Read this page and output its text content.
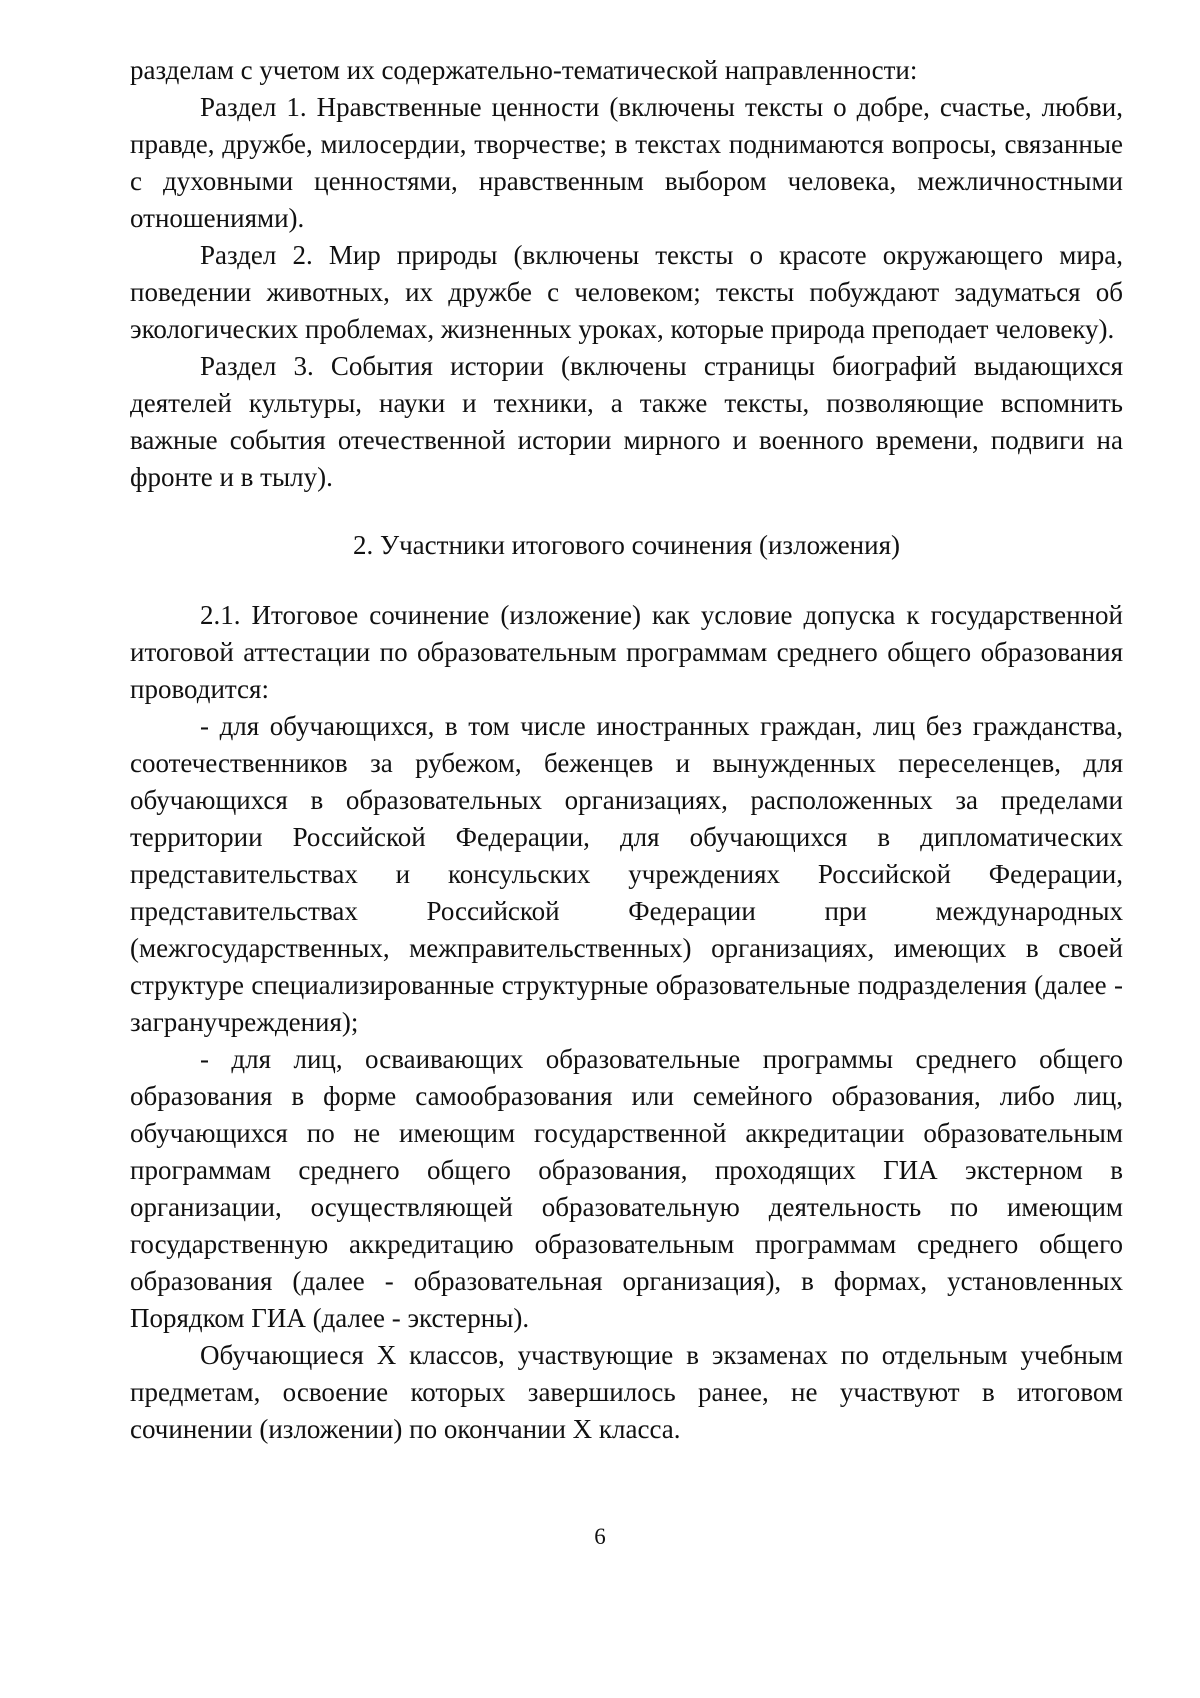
разделам с учетом их содержательно-тематической направленности:

Раздел 1. Нравственные ценности (включены тексты о добре, счастье, любви, правде, дружбе, милосердии, творчестве; в текстах поднимаются вопросы, связанные с духовными ценностями, нравственным выбором человека, межличностными отношениями).

Раздел 2. Мир природы (включены тексты о красоте окружающего мира, поведении животных, их дружбе с человеком; тексты побуждают задуматься об экологических проблемах, жизненных уроках, которые природа преподает человеку).

Раздел 3. События истории (включены страницы биографий выдающихся деятелей культуры, науки и техники, а также тексты, позволяющие вспомнить важные события отечественной истории мирного и военного времени, подвиги на фронте и в тылу).

2. Участники итогового сочинения (изложения)

2.1. Итоговое сочинение (изложение) как условие допуска к государственной итоговой аттестации по образовательным программам среднего общего образования проводится:

- для обучающихся, в том числе иностранных граждан, лиц без гражданства, соотечественников за рубежом, беженцев и вынужденных переселенцев, для обучающихся в образовательных организациях, расположенных за пределами территории Российской Федерации, для обучающихся в дипломатических представительствах и консульских учреждениях Российской Федерации, представительствах Российской Федерации при международных (межгосударственных, межправительственных) организациях, имеющих в своей структуре специализированные структурные образовательные подразделения (далее - загранучреждения);

- для лиц, осваивающих образовательные программы среднего общего образования в форме самообразования или семейного образования, либо лиц, обучающихся по не имеющим государственной аккредитации образовательным программам среднего общего образования, проходящих ГИА экстерном в организации, осуществляющей образовательную деятельность по имеющим государственную аккредитацию образовательным программам среднего общего образования (далее - образовательная организация), в формах, установленных Порядком ГИА (далее - экстерны).

Обучающиеся X классов, участвующие в экзаменах по отдельным учебным предметам, освоение которых завершилось ранее, не участвуют в итоговом сочинении (изложении) по окончании X класса.

6
